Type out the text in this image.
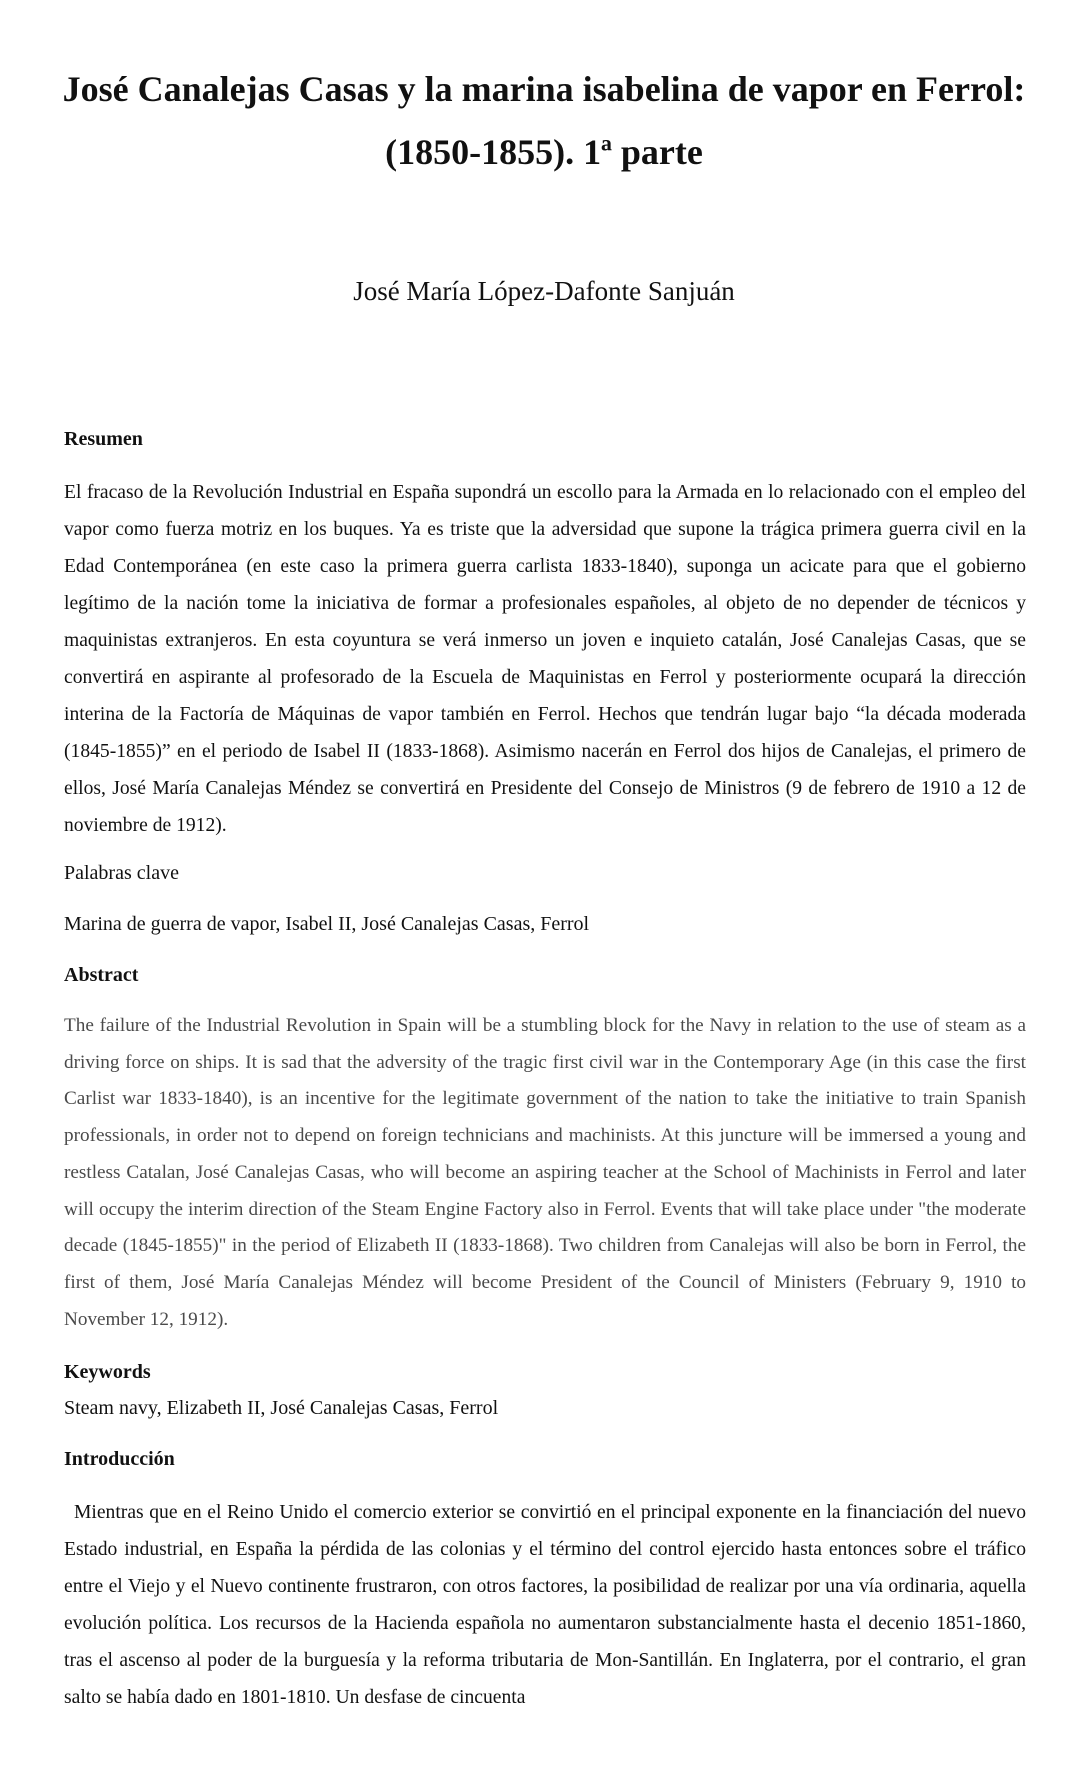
José Canalejas Casas y la marina isabelina de vapor en Ferrol: (1850-1855). 1ª parte

José María López-Dafonte Sanjuán

Resumen

El fracaso de la Revolución Industrial en España supondrá un escollo para la Armada en lo relacionado con el empleo del vapor como fuerza motriz en los buques. Ya es triste que la adversidad que supone la trágica primera guerra civil en la Edad Contemporánea (en este caso la primera guerra carlista 1833-1840), suponga un acicate para que el gobierno legítimo de la nación tome la iniciativa de formar a profesionales españoles, al objeto de no depender de técnicos y maquinistas extranjeros. En esta coyuntura se verá inmerso un joven e inquieto catalán, José Canalejas Casas, que se convertirá en aspirante al profesorado de la Escuela de Maquinistas en Ferrol y posteriormente ocupará la dirección interina de la Factoría de Máquinas de vapor también en Ferrol. Hechos que tendrán lugar bajo “la década moderada (1845-1855)” en el periodo de Isabel II (1833-1868). Asimismo nacerán en Ferrol dos hijos de Canalejas, el primero de ellos, José María Canalejas Méndez se convertirá en Presidente del Consejo de Ministros (9 de febrero de 1910 a 12 de noviembre de 1912).

Palabras clave

Marina de guerra de vapor, Isabel II, José Canalejas Casas, Ferrol

Abstract

The failure of the Industrial Revolution in Spain will be a stumbling block for the Navy in relation to the use of steam as a driving force on ships. It is sad that the adversity of the tragic first civil war in the Contemporary Age (in this case the first Carlist war 1833-1840), is an incentive for the legitimate government of the nation to take the initiative to train Spanish professionals, in order not to depend on foreign technicians and machinists. At this juncture will be immersed a young and restless Catalan, José Canalejas Casas, who will become an aspiring teacher at the School of Machinists in Ferrol and later will occupy the interim direction of the Steam Engine Factory also in Ferrol. Events that will take place under "the moderate decade (1845-1855)" in the period of Elizabeth II (1833-1868). Two children from Canalejas will also be born in Ferrol, the first of them, José María Canalejas Méndez will become President of the Council of Ministers (February 9, 1910 to November 12, 1912).

Keywords

Steam navy, Elizabeth II, José Canalejas Casas, Ferrol

Introducción

Mientras que en el Reino Unido el comercio exterior se convirtió en el principal exponente en la financiación del nuevo Estado industrial, en España la pérdida de las colonias y el término del control ejercido hasta entonces sobre el tráfico entre el Viejo y el Nuevo continente frustraron, con otros factores, la posibilidad de realizar por una vía ordinaria, aquella evolución política. Los recursos de la Hacienda española no aumentaron substancialmente hasta el decenio 1851-1860, tras el ascenso al poder de la burguesía y la reforma tributaria de Mon-Santillán. En Inglaterra, por el contrario, el gran salto se había dado en 1801-1810. Un desfase de cincuenta
